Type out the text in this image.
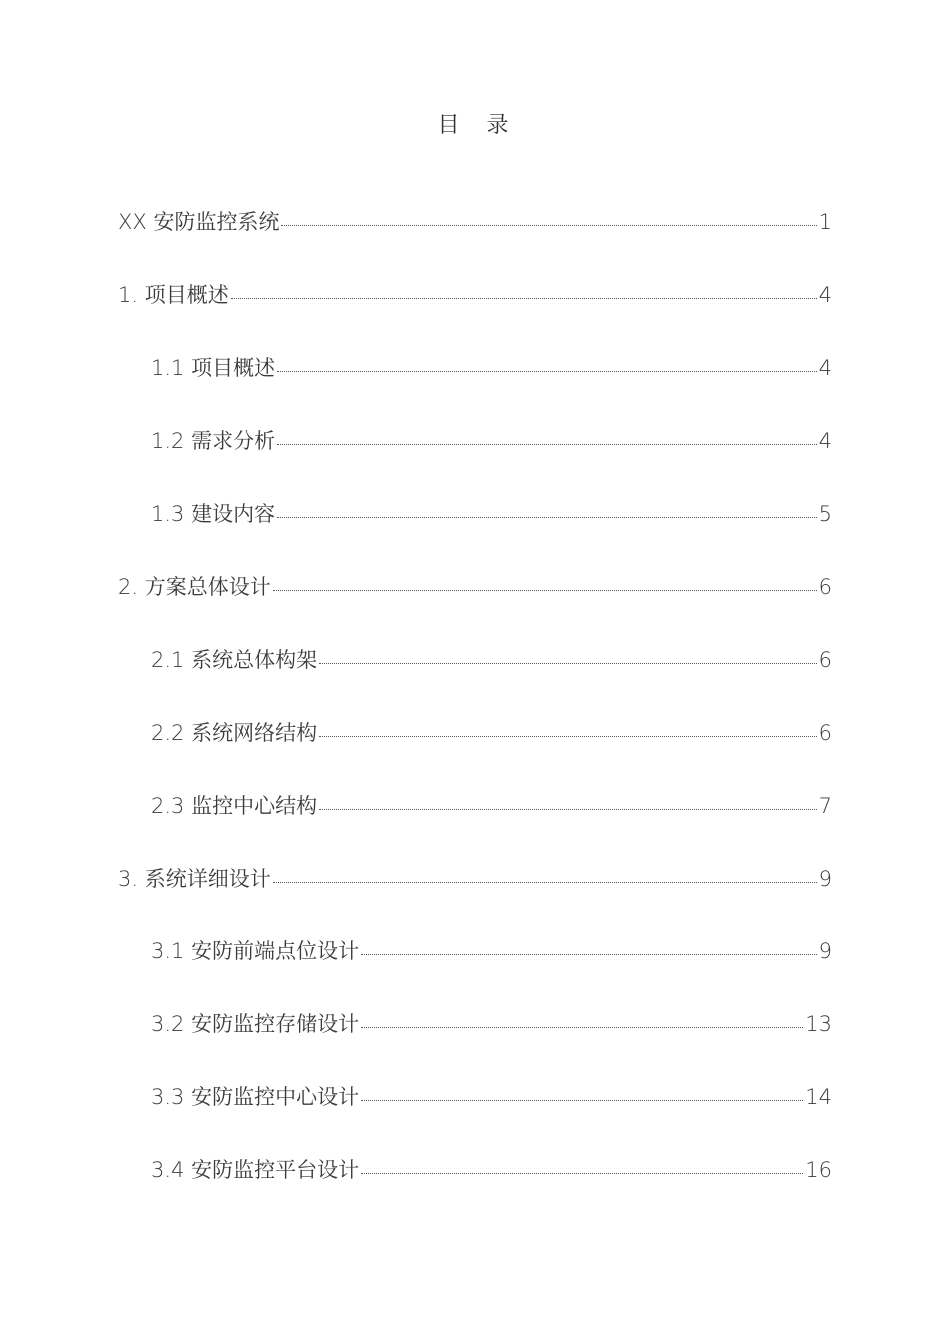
目 录
XX 安防监控系统	1
1. 项目概述	4
1.1 项目概述	4
1.2 需求分析	4
1.3 建设内容	5
2. 方案总体设计	6
2.1 系统总体构架	6
2.2 系统网络结构	6
2.3 监控中心结构	7
3. 系统详细设计	9
3.1 安防前端点位设计	9
3.2 安防监控存储设计	13
3.3 安防监控中心设计	14
3.4 安防监控平台设计	16
